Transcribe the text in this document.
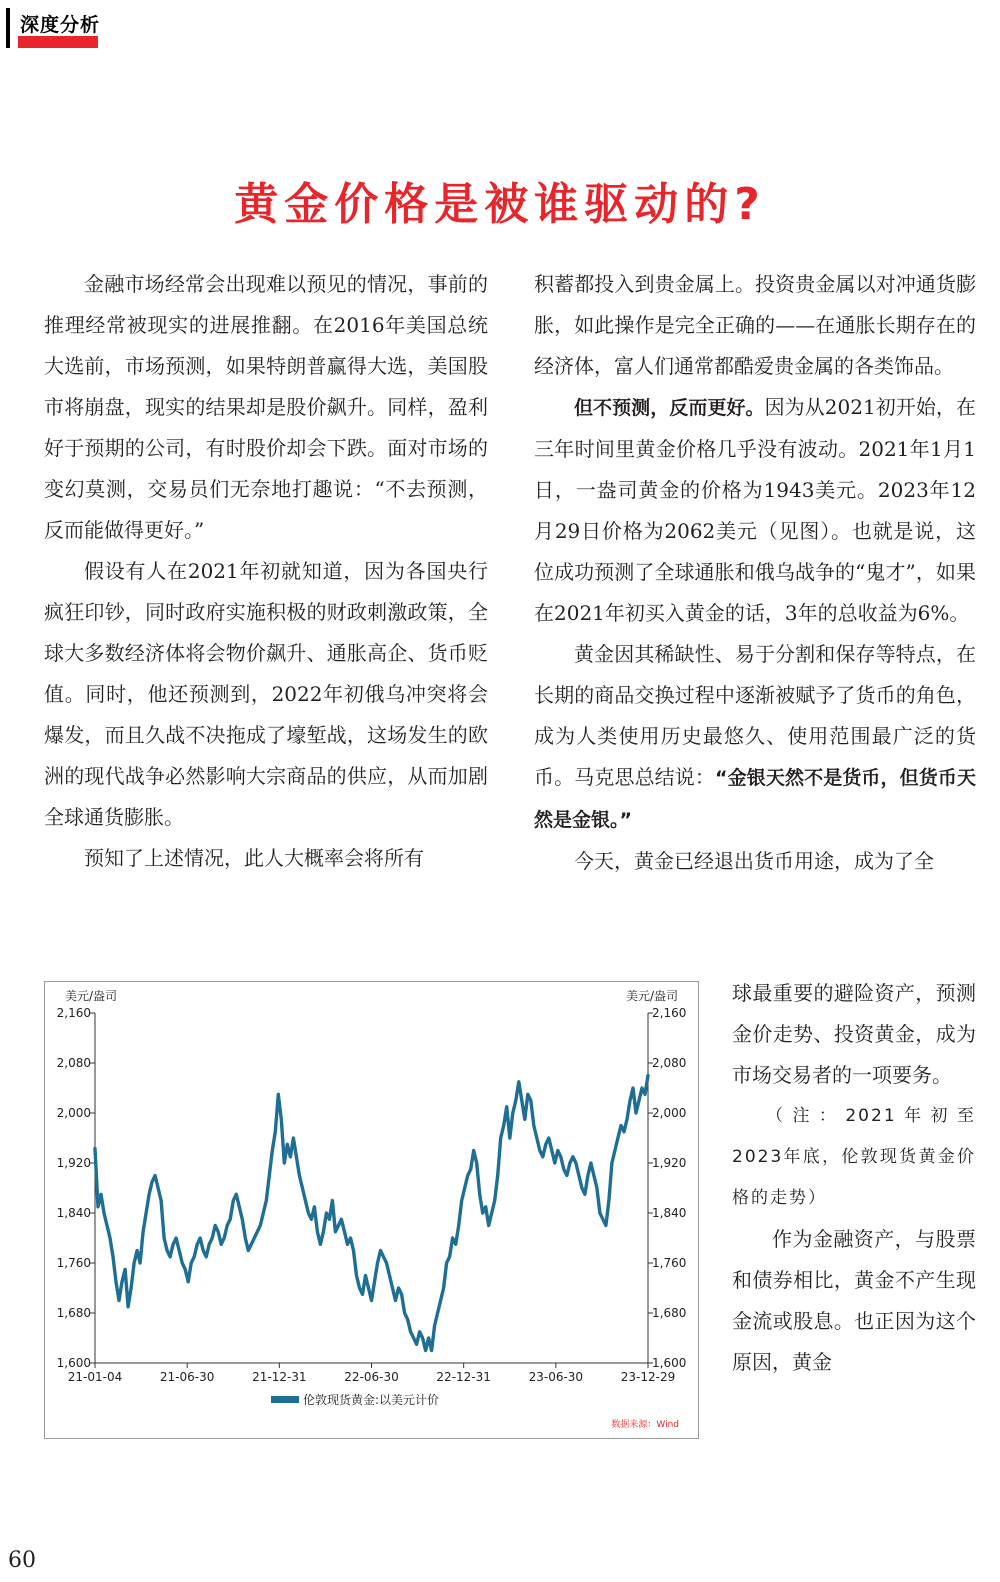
深度分析
黄金价格是被谁驱动的?

金融市场经常会出现难以预见的情况，事前的推理经常被现实的进展推翻。在2016年美国总统大选前，市场预测，如果特朗普赢得大选，美国股市将崩盘，现实的结果却是股价飙升。同样，盈利好于预期的公司，有时股价却会下跌。面对市场的变幻莫测，交易员们无奈地打趣说：“不去预测，反而能做得更好。”

假设有人在2021年初就知道，因为各国央行疯狂印钞，同时政府实施积极的财政刺激政策，全球大多数经济体将会物价飙升、通胀高企、货币贬值。同时，他还预测到，2022年初俄乌冲突将会爆发，而且久战不决拖成了壕堑战，这场发生的欧洲的现代战争必然影响大宗商品的供应，从而加剧全球通货膨胀。

预知了上述情况，此人大概率会将所有

积蓄都投入到贵金属上。投资贵金属以对冲通货膨胀，如此操作是完全正确的——在通胀长期存在的经济体，富人们通常都酷爱贵金属的各类饰品。

但不预测，反而更好。因为从2021初开始，在三年时间里黄金价格几乎没有波动。2021年1月1日，一盎司黄金的价格为1943美元。2023年12月29日价格为2062美元（见图）。也就是说，这位成功预测了全球通胀和俄乌战争的“鬼才”，如果在2021年初买入黄金的话，3年的总收益为6%。

黄金因其稀缺性、易于分割和保存等特点，在长期的商品交换过程中逐渐被赋予了货币的角色，成为人类使用历史最悠久、使用范围最广泛的货币。马克思总结说：“金银天然不是货币，但货币天然是金银。”

今天，黄金已经退出货币用途，成为了全

球最重要的避险资产，预测金价走势、投资黄金，成为市场交易者的一项要务。

（注：2021年初至2023年底，伦敦现货黄金价格的走势）

作为金融资产，与股票和债券相比，黄金不产生现金流或股息。也正因为这个原因，黄金

美元/盎司	美元/盎司
1,600	1,600
1,680	1,680
1,760	1,760
1,840	1,840
1,920	1,920
2,000	2,000
2,080	2,080
2,160	2,160
21-01-04	21-06-30	21-12-31	22-06-30	22-12-31	23-06-30	23-12-29
伦敦现货黄金:以美元计价
数据来源：Wind
60
